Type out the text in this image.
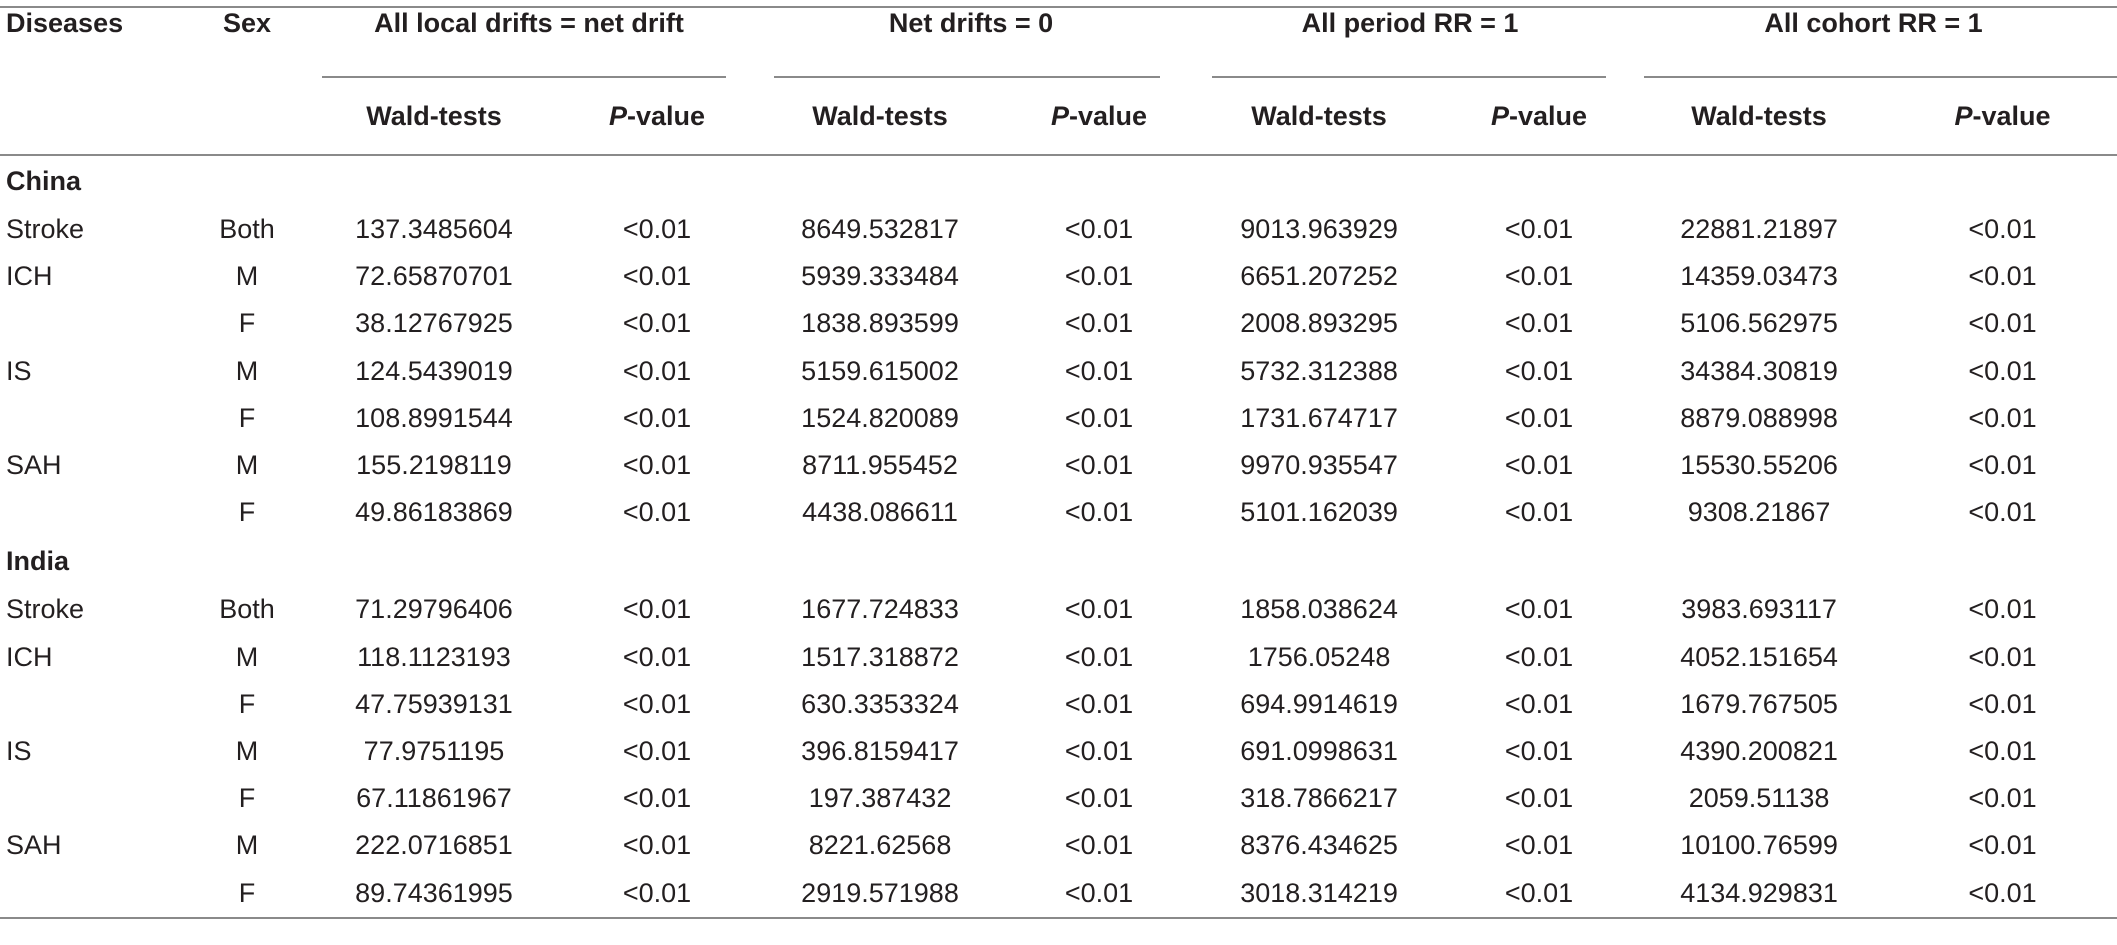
Diseases	Sex	All local drifts = net drift		Net drifts = 0		All period RR = 1		All cohort RR = 1	

		Wald-tests	P-value	Wald-tests	P-value	Wald-tests	P-value	Wald-tests	P-value
China									
Stroke	Both	137.3485604	<0.01	8649.532817	<0.01	9013.963929	<0.01	22881.21897	<0.01
ICH	M	72.65870701	<0.01	5939.333484	<0.01	6651.207252	<0.01	14359.03473	<0.01
	F	38.12767925	<0.01	1838.893599	<0.01	2008.893295	<0.01	5106.562975	<0.01
IS	M	124.5439019	<0.01	5159.615002	<0.01	5732.312388	<0.01	34384.30819	<0.01
	F	108.8991544	<0.01	1524.820089	<0.01	1731.674717	<0.01	8879.088998	<0.01
SAH	M	155.2198119	<0.01	8711.955452	<0.01	9970.935547	<0.01	15530.55206	<0.01
	F	49.86183869	<0.01	4438.086611	<0.01	5101.162039	<0.01	9308.21867	<0.01
India									
Stroke	Both	71.29796406	<0.01	1677.724833	<0.01	1858.038624	<0.01	3983.693117	<0.01
ICH	M	118.1123193	<0.01	1517.318872	<0.01	1756.05248	<0.01	4052.151654	<0.01
	F	47.75939131	<0.01	630.3353324	<0.01	694.9914619	<0.01	1679.767505	<0.01
IS	M	77.9751195	<0.01	396.8159417	<0.01	691.0998631	<0.01	4390.200821	<0.01
	F	67.11861967	<0.01	197.387432	<0.01	318.7866217	<0.01	2059.51138	<0.01
SAH	M	222.0716851	<0.01	8221.62568	<0.01	8376.434625	<0.01	10100.76599	<0.01
	F	89.74361995	<0.01	2919.571988	<0.01	3018.314219	<0.01	4134.929831	<0.01
